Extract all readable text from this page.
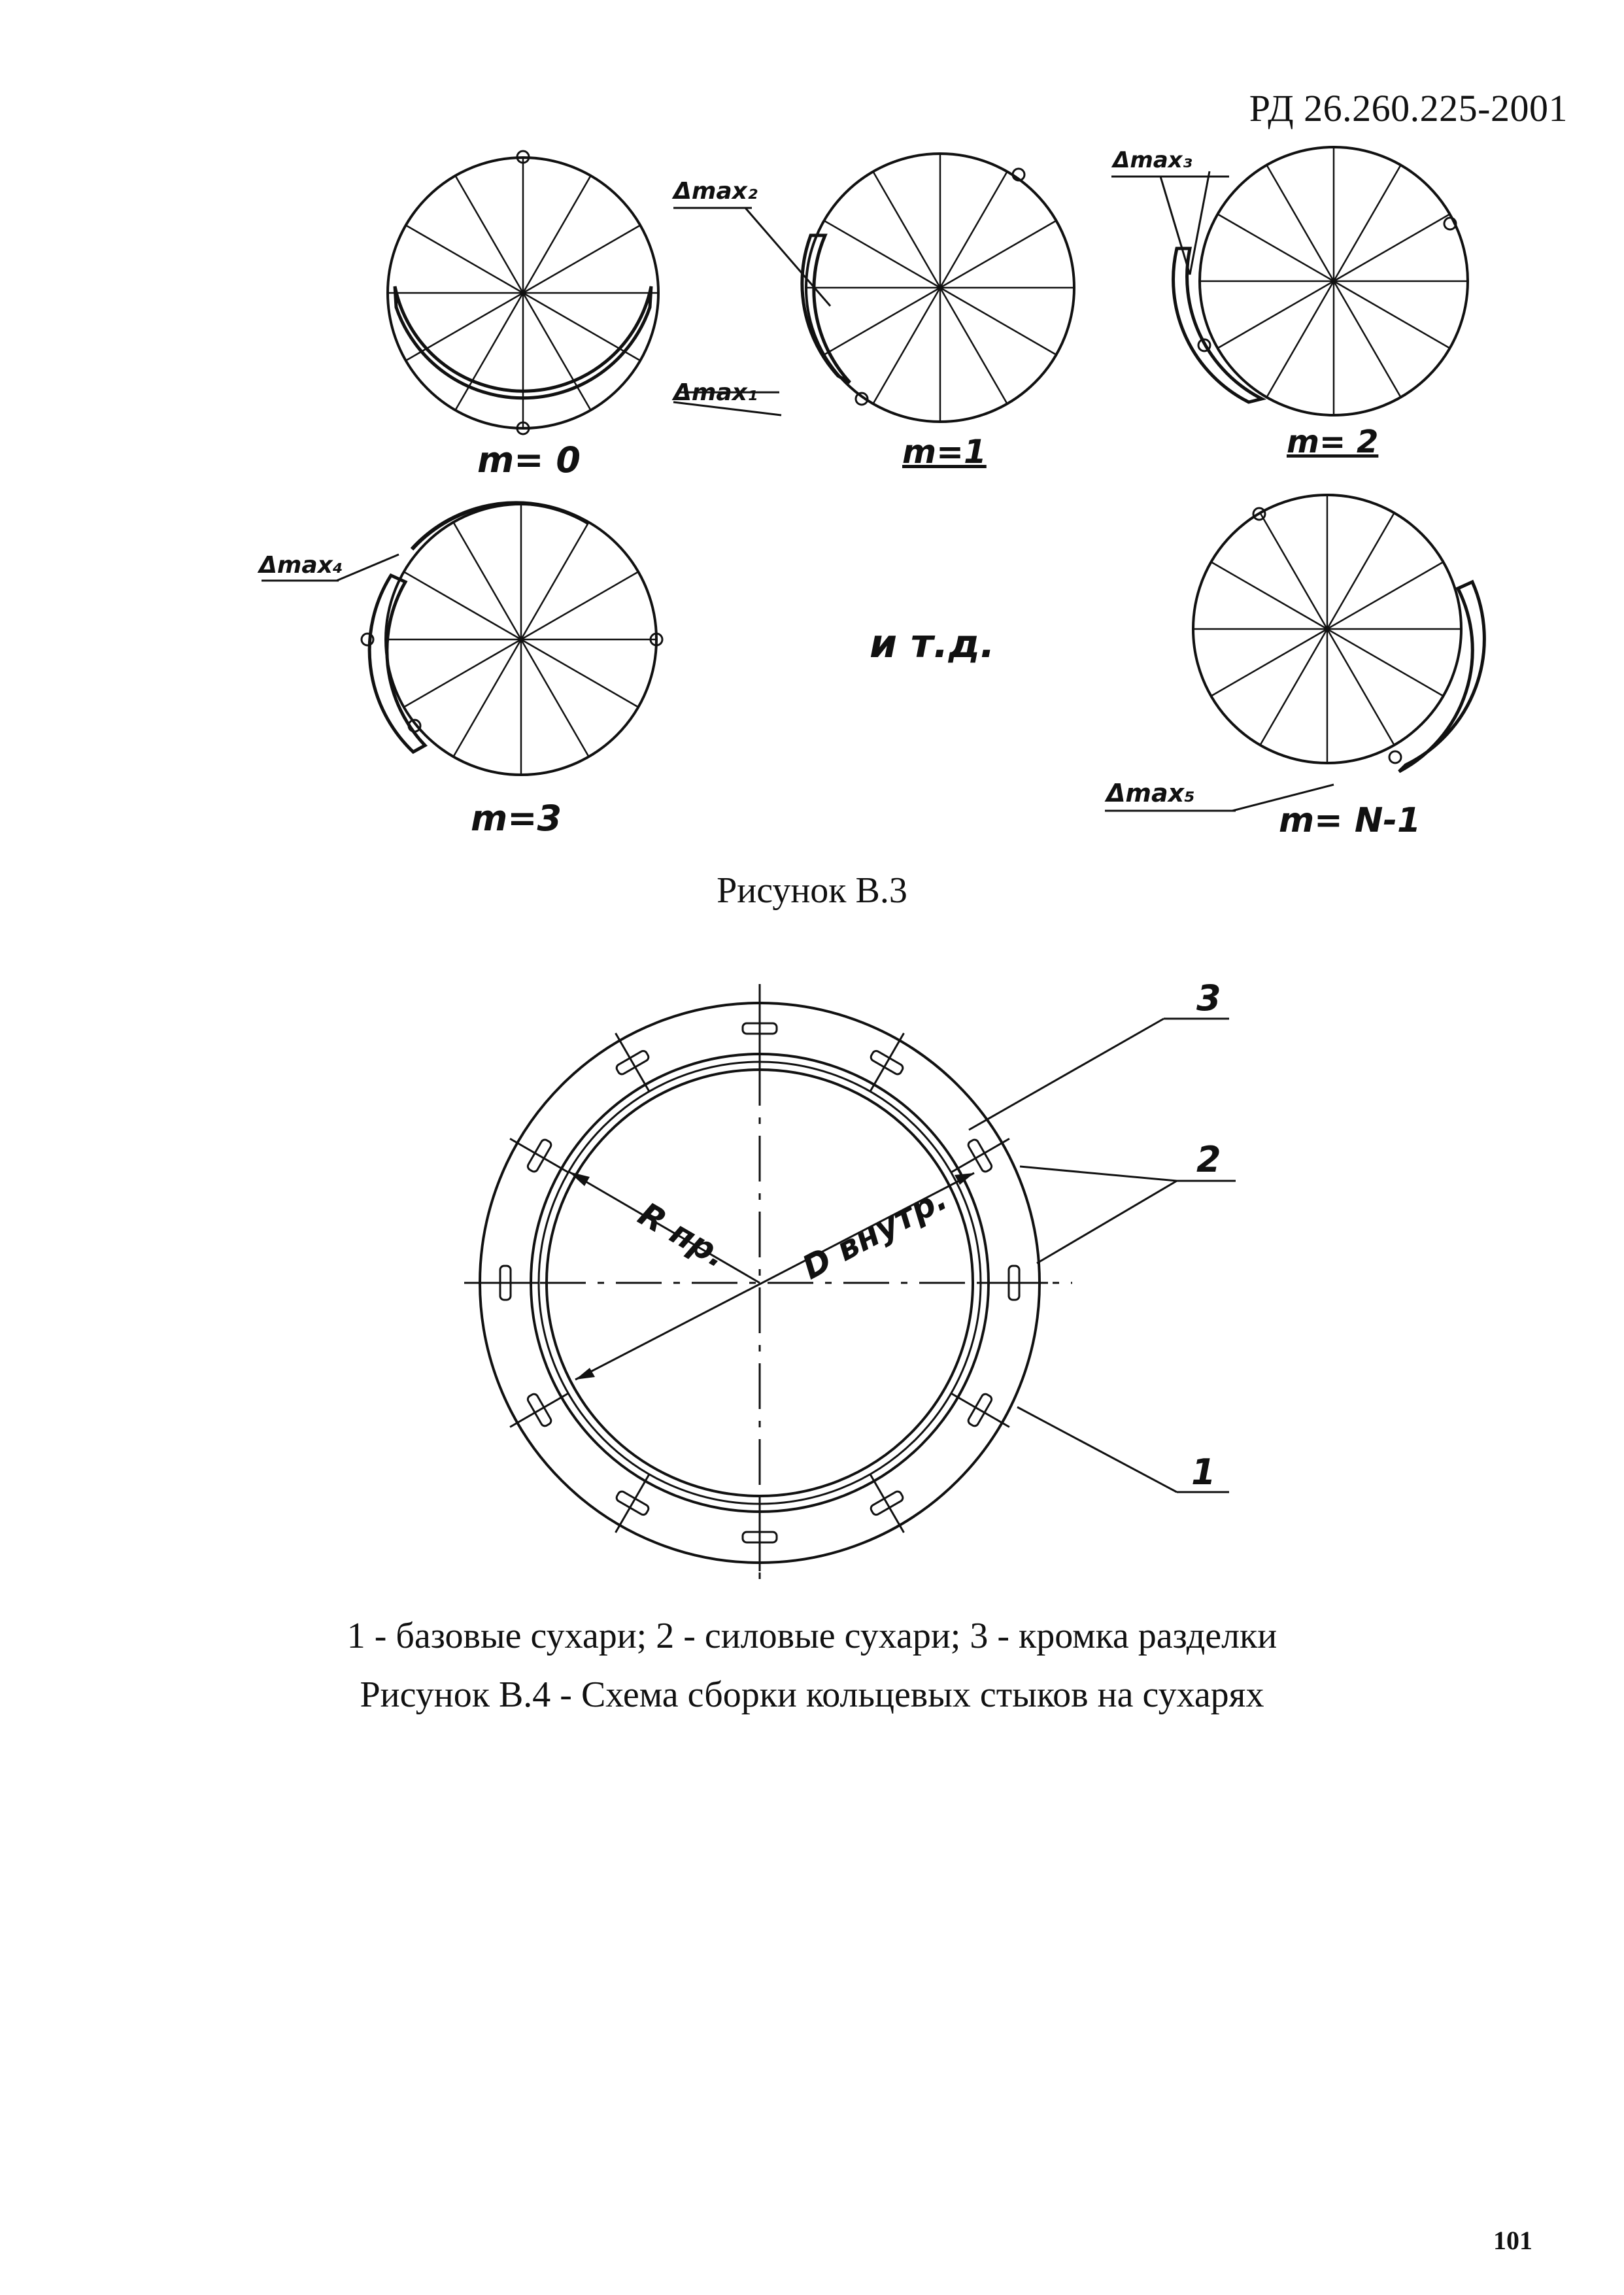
РД 26.260.225-2001
Δmax₁
Δmax₂
Δmax₃
Δmax₄
Δmax₅
m= 0	m=1	m= 2
m=3	m= N-1
и т.д.
R пр. D внутр.
3
2
1
Рисунок В.3
1 - базовые сухари; 2 - силовые сухари; 3 - кромка разделки
Рисунок В.4 - Схема сборки кольцевых стыков на сухарях
101
